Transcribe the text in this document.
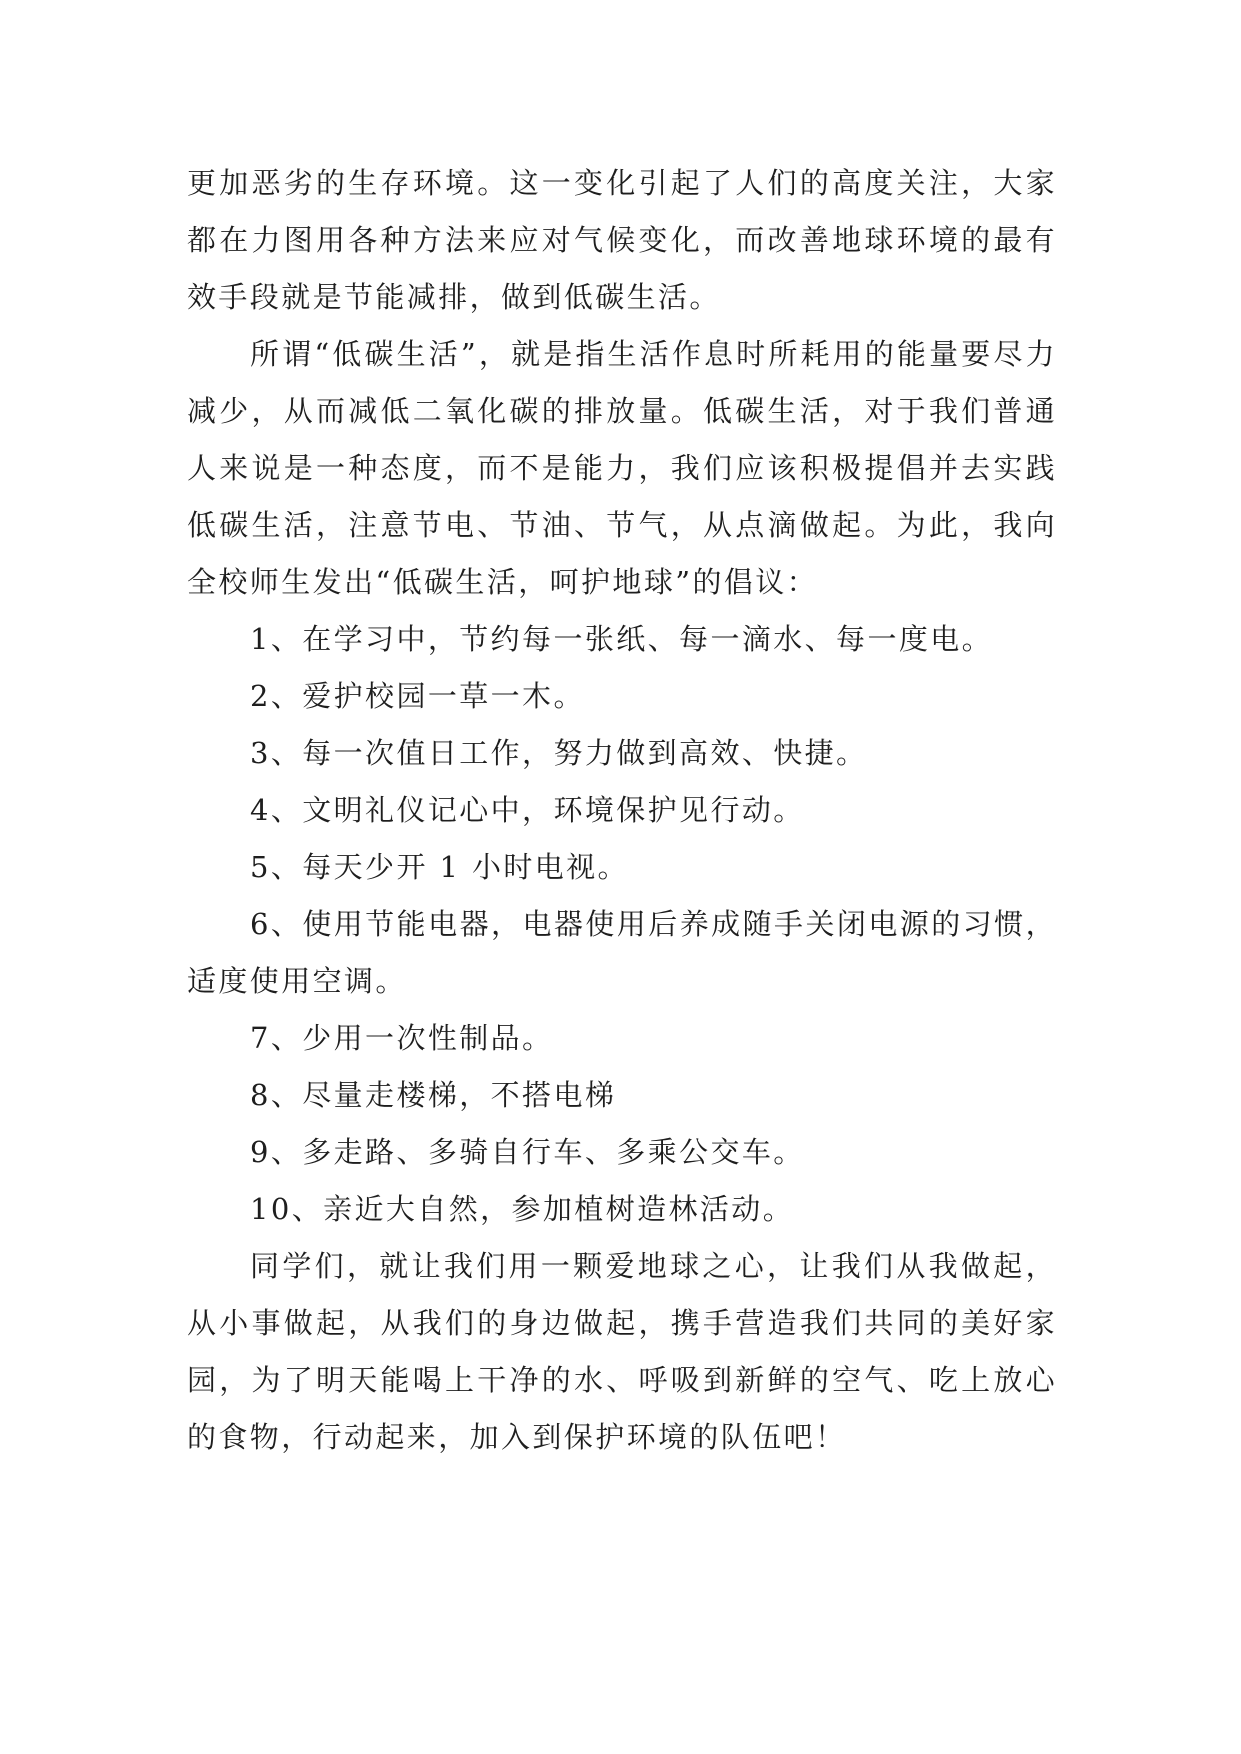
更加恶劣的生存环境。这一变化引起了人们的高度关注，大家都在力图用各种方法来应对气候变化，而改善地球环境的最有效手段就是节能减排，做到低碳生活。

所谓“低碳生活”，就是指生活作息时所耗用的能量要尽力减少，从而减低二氧化碳的排放量。低碳生活，对于我们普通人来说是一种态度，而不是能力，我们应该积极提倡并去实践低碳生活，注意节电、节油、节气，从点滴做起。为此，我向全校师生发出“低碳生活，呵护地球”的倡议：

1、在学习中，节约每一张纸、每一滴水、每一度电。

2、爱护校园一草一木。

3、每一次值日工作，努力做到高效、快捷。

4、文明礼仪记心中，环境保护见行动。

5、每天少开 1 小时电视。

6、使用节能电器，电器使用后养成随手关闭电源的习惯，适度使用空调。

7、少用一次性制品。

8、尽量走楼梯，不搭电梯

9、多走路、多骑自行车、多乘公交车。

10、亲近大自然，参加植树造林活动。

同学们，就让我们用一颗爱地球之心，让我们从我做起，从小事做起，从我们的身边做起，携手营造我们共同的美好家园，为了明天能喝上干净的水、呼吸到新鲜的空气、吃上放心的食物，行动起来，加入到保护环境的队伍吧！
